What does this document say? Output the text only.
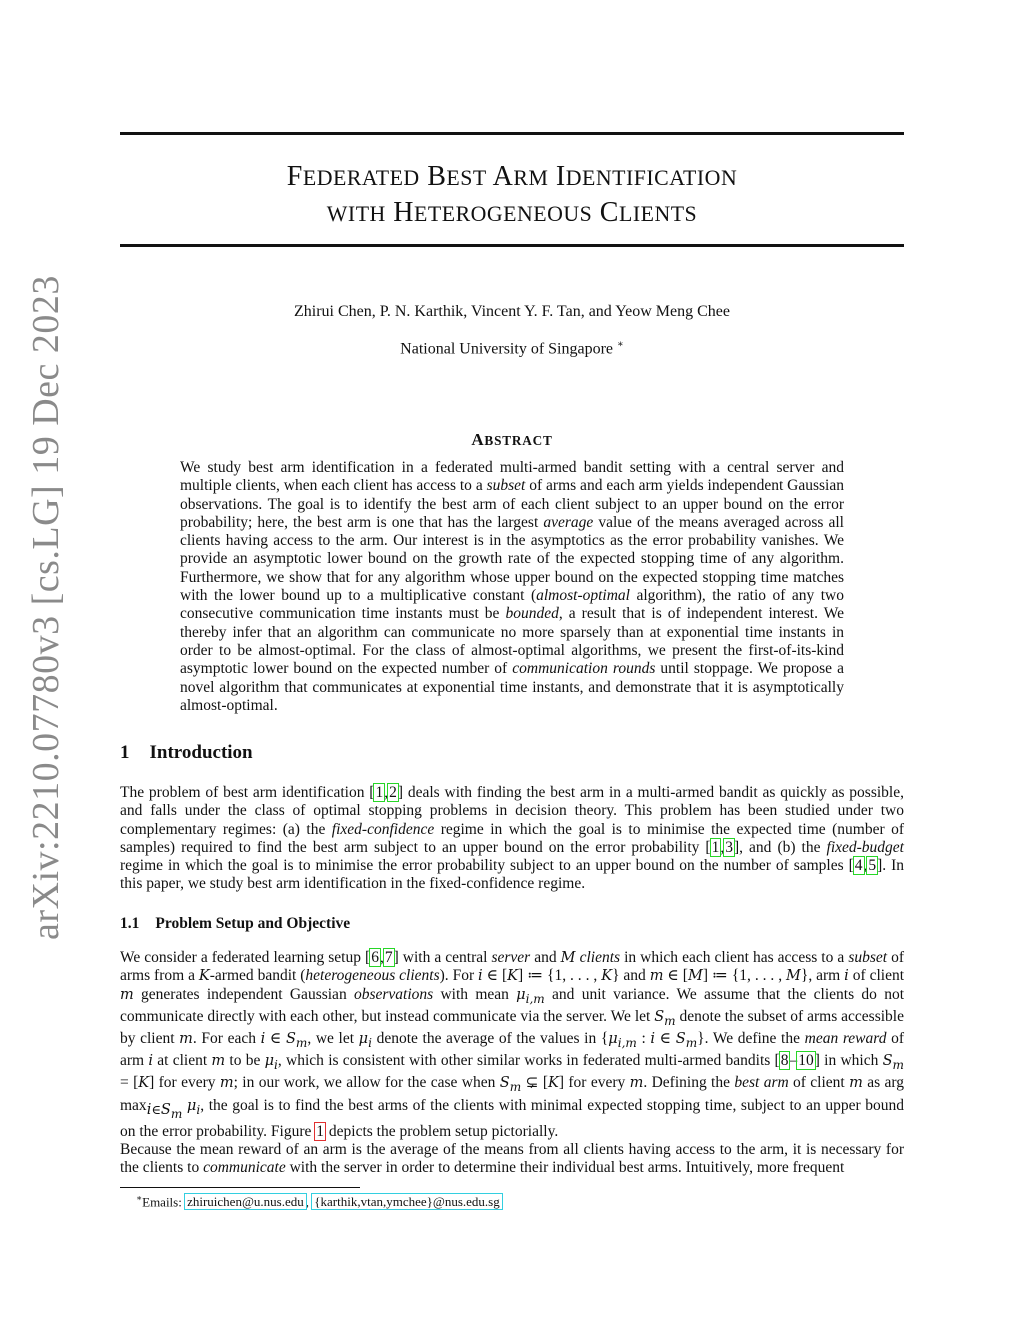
arXiv:2210.07780v3 [cs.LG] 19 Dec 2023
FEDERATED BEST ARM IDENTIFICATION
WITH HETEROGENEOUS CLIENTS
Zhirui Chen, P. N. Karthik, Vincent Y. F. Tan, and Yeow Meng Chee
National University of Singapore ∗
ABSTRACT
We study best arm identification in a federated multi-armed bandit setting with a central server and multiple clients, when each client has access to a subset of arms and each arm yields independent Gaussian observations. The goal is to identify the best arm of each client subject to an upper bound on the error probability; here, the best arm is one that has the largest average value of the means averaged across all clients having access to the arm. Our interest is in the asymptotics as the error probability vanishes. We provide an asymptotic lower bound on the growth rate of the expected stopping time of any algorithm. Furthermore, we show that for any algorithm whose upper bound on the expected stopping time matches with the lower bound up to a multiplicative constant (almost-optimal algorithm), the ratio of any two consecutive communication time instants must be bounded, a result that is of independent interest. We thereby infer that an algorithm can communicate no more sparsely than at exponential time instants in order to be almost-optimal. For the class of almost-optimal algorithms, we present the first-of-its-kind asymptotic lower bound on the expected number of communication rounds until stoppage. We propose a novel algorithm that communicates at exponential time instants, and demonstrate that it is asymptotically almost-optimal.
1 Introduction
The problem of best arm identification [1,2] deals with finding the best arm in a multi-armed bandit as quickly as possible, and falls under the class of optimal stopping problems in decision theory. This problem has been studied under two complementary regimes: (a) the fixed-confidence regime in which the goal is to minimise the expected time (number of samples) required to find the best arm subject to an upper bound on the error probability [1,3], and (b) the fixed-budget regime in which the goal is to minimise the error probability subject to an upper bound on the number of samples [4,5]. In this paper, we study best arm identification in the fixed-confidence regime.
1.1 Problem Setup and Objective
We consider a federated learning setup [6,7] with a central server and M clients in which each client has access to a subset of arms from a K-armed bandit (heterogeneous clients). For i ∈ [K] ≔ {1, . . . , K} and m ∈ [M] ≔ {1, . . . , M}, arm i of client m generates independent Gaussian observations with mean $\mu_{i,m}$ and unit variance. We assume that the clients do not communicate directly with each other, but instead communicate via the server. We let $S_m$ denote the subset of arms accessible by client m. For each i ∈ $S_m$, we let $\mu_i$ denote the average of the values in {$\mu_{i,m}$ : i ∈ $S_m$}. We define the mean reward of arm i at client m to be $\mu_i$, which is consistent with other similar works in federated multi-armed bandits [8–10] in which $S_m = [K]$ for every m; in our work, we allow for the case when $S_m$ ⊊ [K] for every m. Defining the best arm of client m as arg $\max_{i\in S_m} \mu_i$, the goal is to find the best arms of the clients with minimal expected stopping time, subject to an upper bound on the error probability. Figure 1 depicts the problem setup pictorially.
Because the mean reward of an arm is the average of the means from all clients having access to the arm, it is necessary for the clients to communicate with the server in order to determine their individual best arms. Intuitively, more frequent
∗Emails: zhiruichen@u.nus.edu , {karthik,vtan,ymchee}@nus.edu.sg
